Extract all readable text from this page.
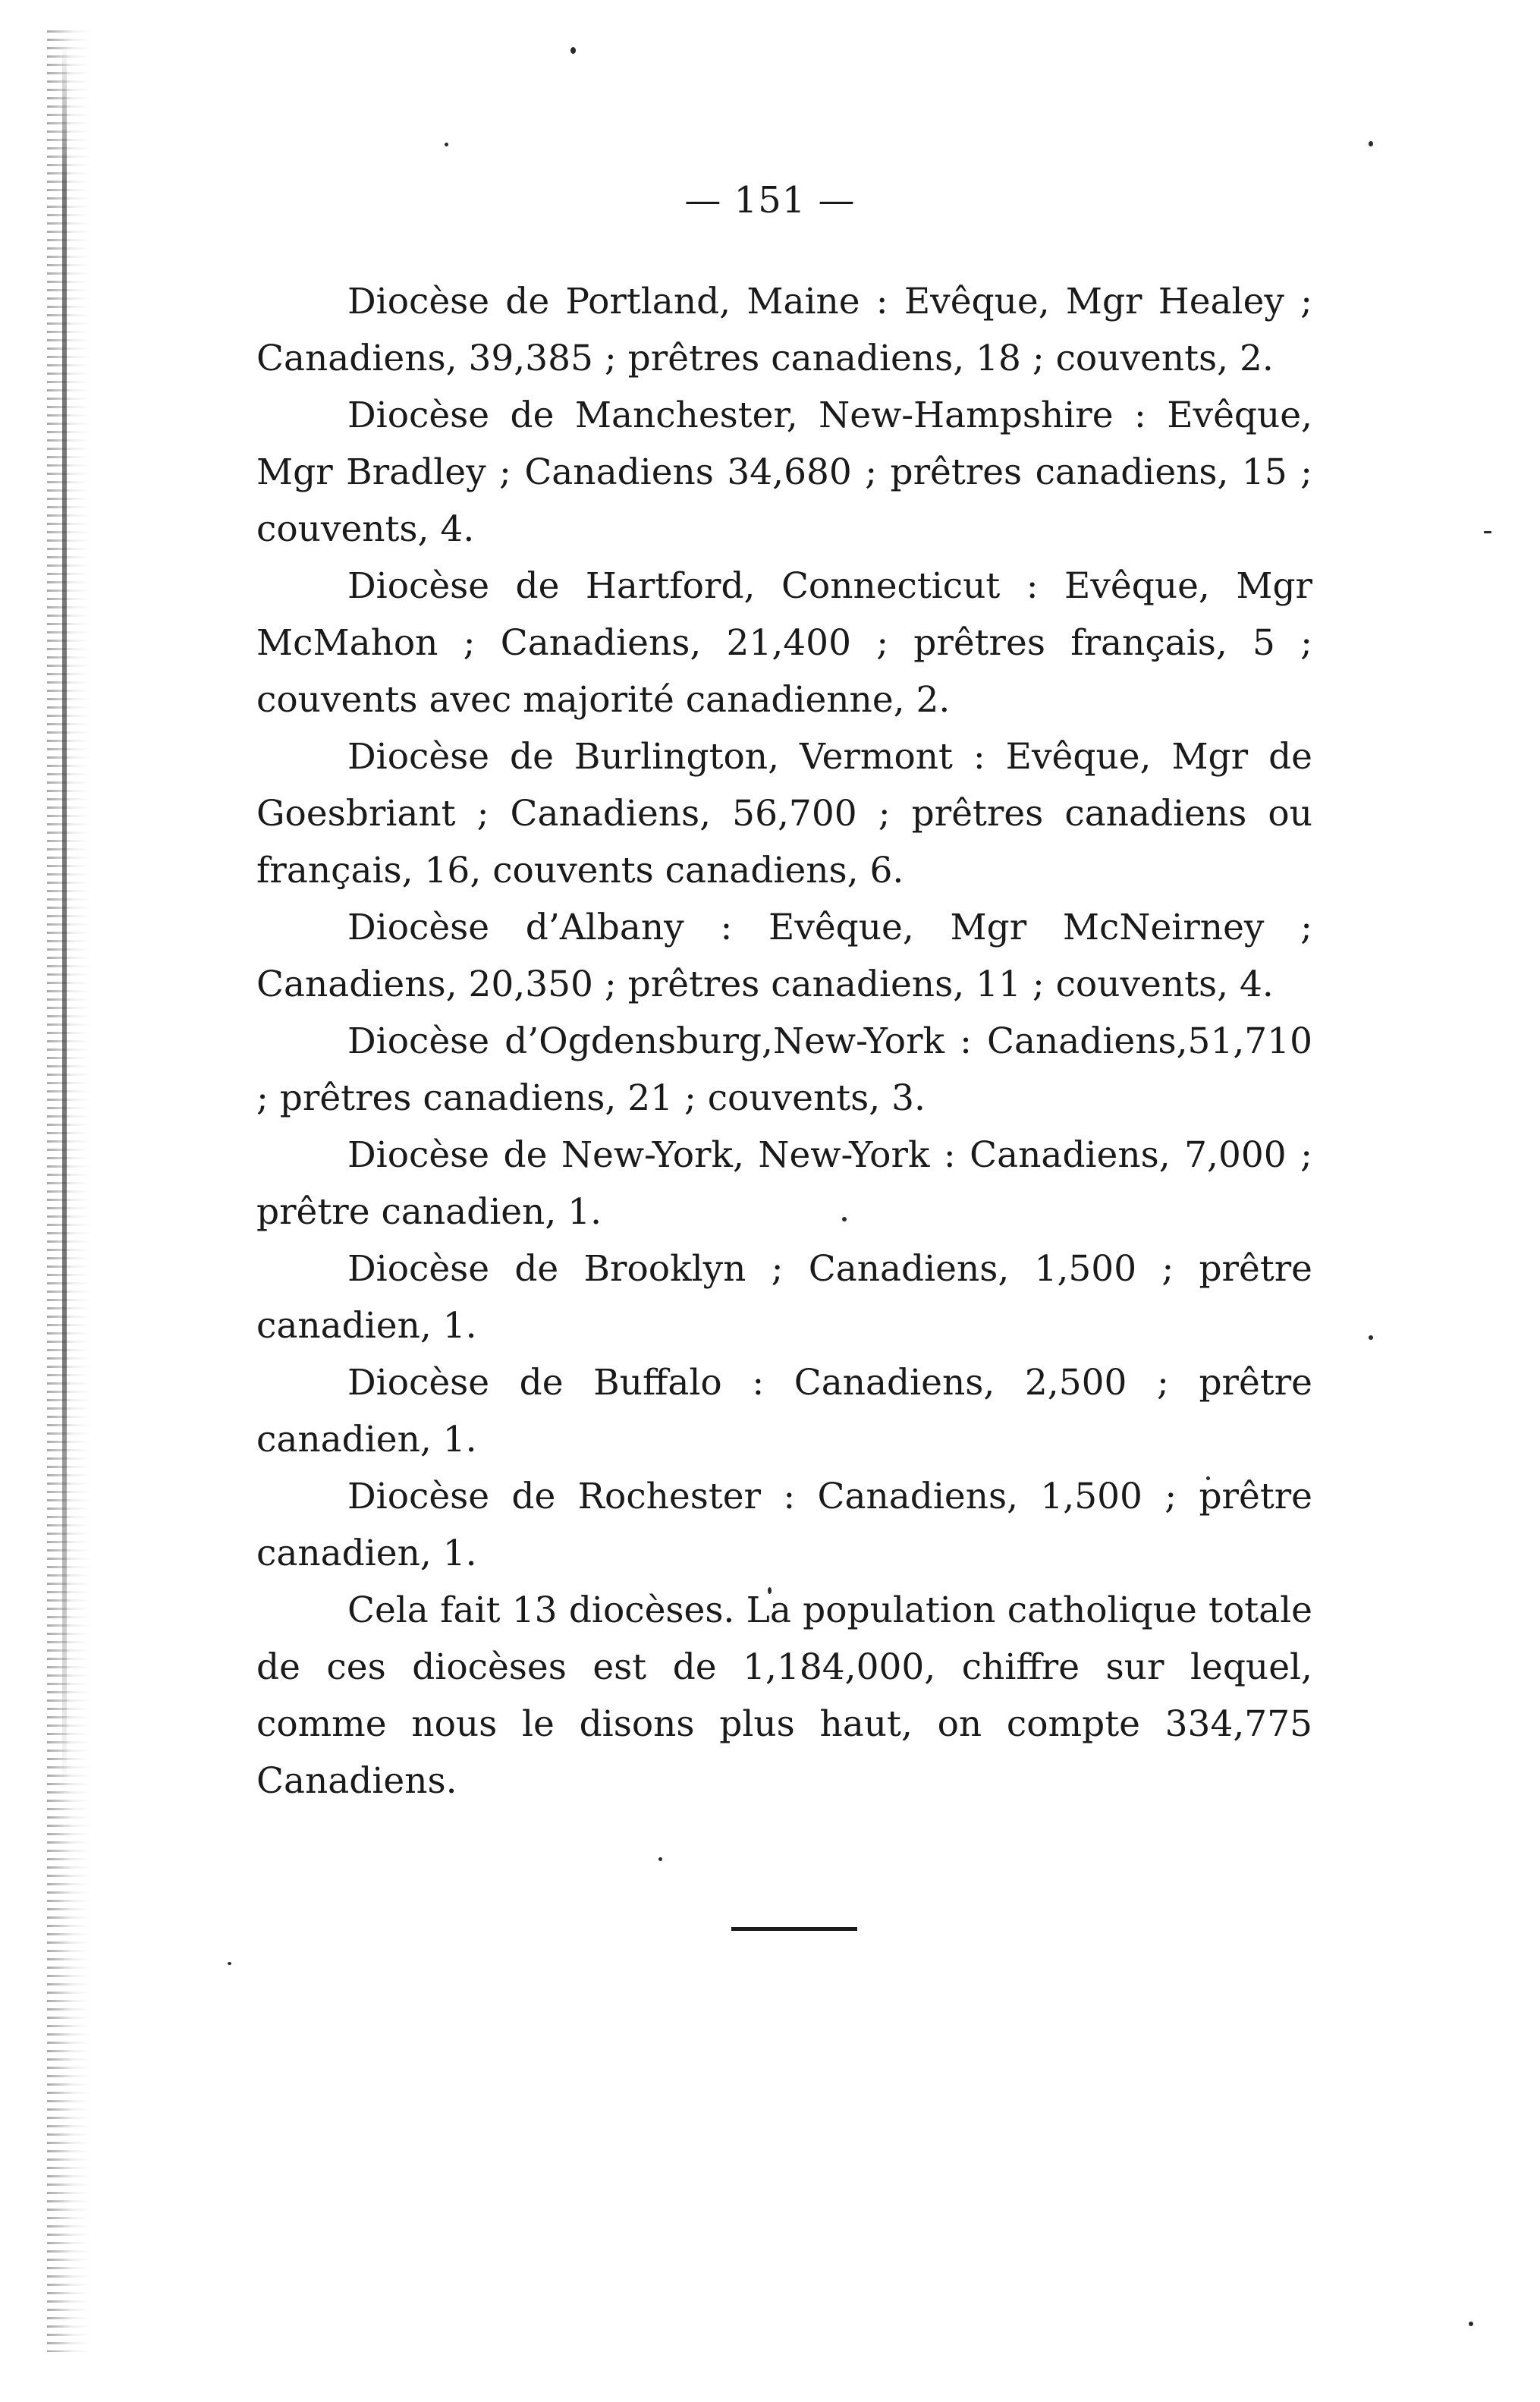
— 151 —

Diocèse de Portland, Maine : Evêque, Mgr Healey ; Canadiens, 39,385 ; prêtres canadiens, 18 ; couvents, 2.

Diocèse de Manchester, New-Hampshire : Evêque, Mgr Bradley ; Canadiens 34,680 ; prêtres canadiens, 15 ; couvents, 4.

Diocèse de Hartford, Connecticut : Evêque, Mgr McMahon ; Canadiens, 21,400 ; prêtres français, 5 ; couvents avec majorité canadienne, 2.

Diocèse de Burlington, Vermont : Evêque, Mgr de Goesbriant ; Canadiens, 56,700 ; prêtres canadiens ou français, 16, couvents canadiens, 6.

Diocèse d’Albany : Evêque, Mgr McNeirney ; Canadiens, 20,350 ; prêtres canadiens, 11 ; couvents, 4.

Diocèse d’Ogdensburg,New-York : Canadiens,51,710 ; prêtres canadiens, 21 ; couvents, 3.

Diocèse de New-York, New-York : Canadiens, 7,000 ; prêtre canadien, 1.

Diocèse de Brooklyn ; Canadiens, 1,500 ; prêtre canadien, 1.

Diocèse de Buffalo : Canadiens, 2,500 ; prêtre canadien, 1.

Diocèse de Rochester : Canadiens, 1,500 ; prêtre canadien, 1.

Cela fait 13 diocèses. La population catholique totale de ces diocèses est de 1,184,000, chiffre sur lequel, comme nous le disons plus haut, on compte 334,775 Canadiens.
